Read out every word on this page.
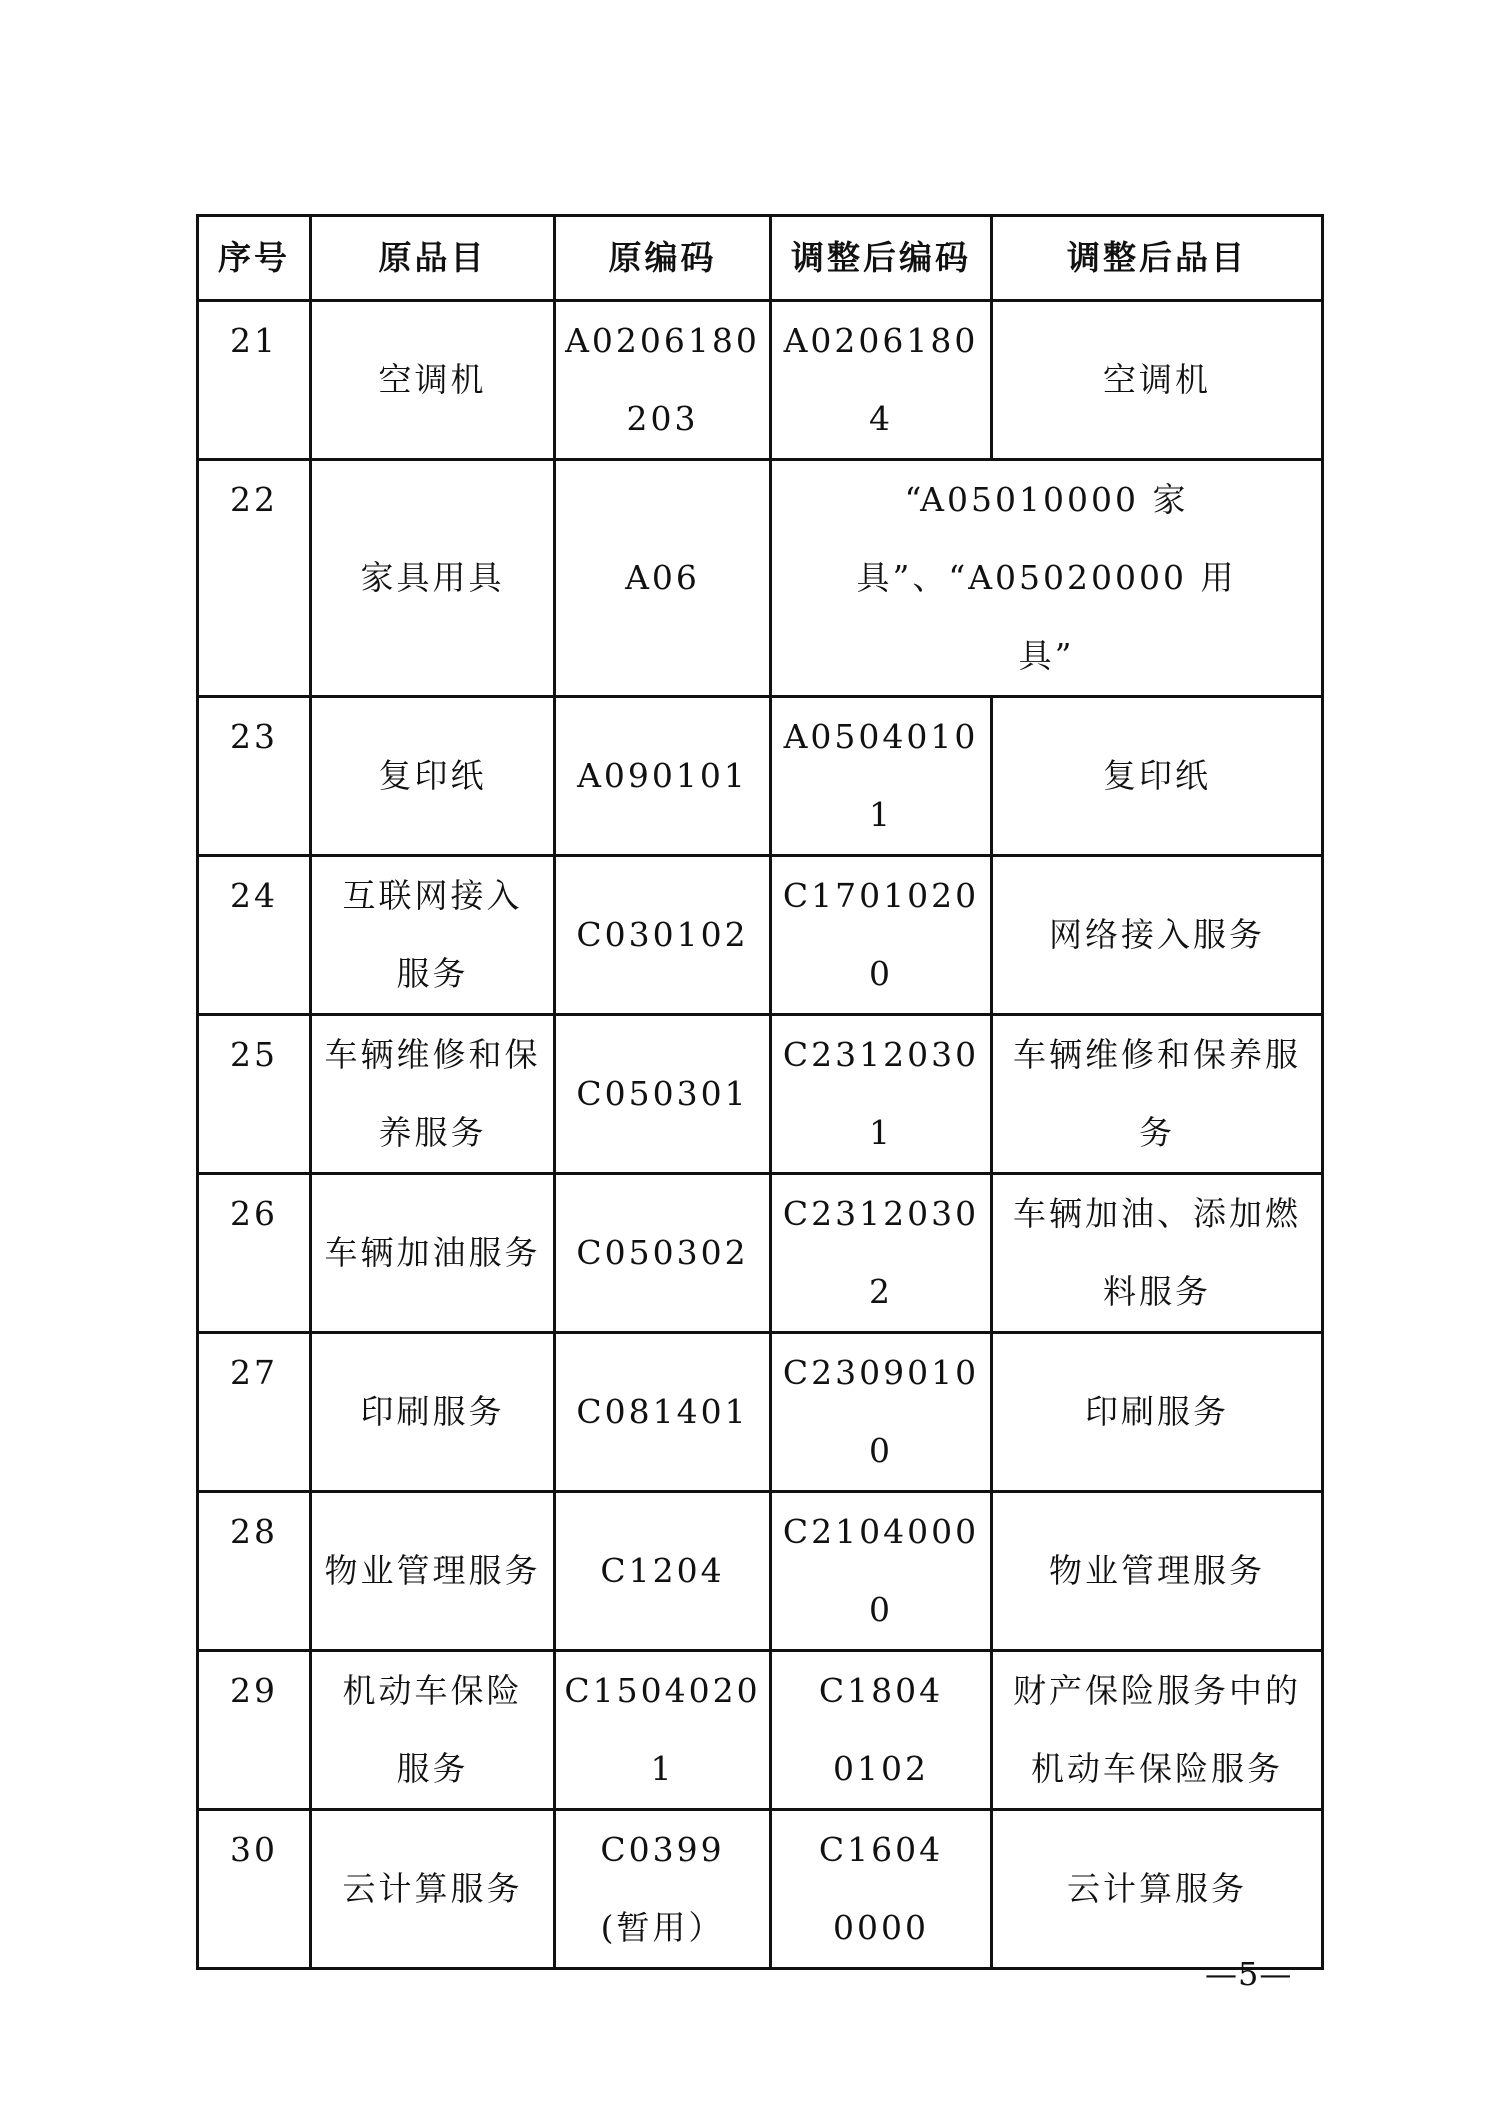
序号	原品目	原编码	调整后编码	调整后品目
21	空调机	A0206180203	A02061804	空调机
22	家具用具	A06	“A05010000 家具”、“A05020000 用具”	
23	复印纸	A090101	A05040101	复印纸
24	互联网接入服务	C030102	C17010200	网络接入服务
25	车辆维修和保养服务	C050301	C23120301	车辆维修和保养服务
26	车辆加油服务	C050302	C23120302	车辆加油、添加燃料服务
27	印刷服务	C081401	C23090100	印刷服务
28	物业管理服务	C1204	C21040000	物业管理服务
29	机动车保险服务	C15040201	C18040102	财产保险服务中的机动车保险服务
30	云计算服务	C0399(暂用）	C16040000	云计算服务
—5—
